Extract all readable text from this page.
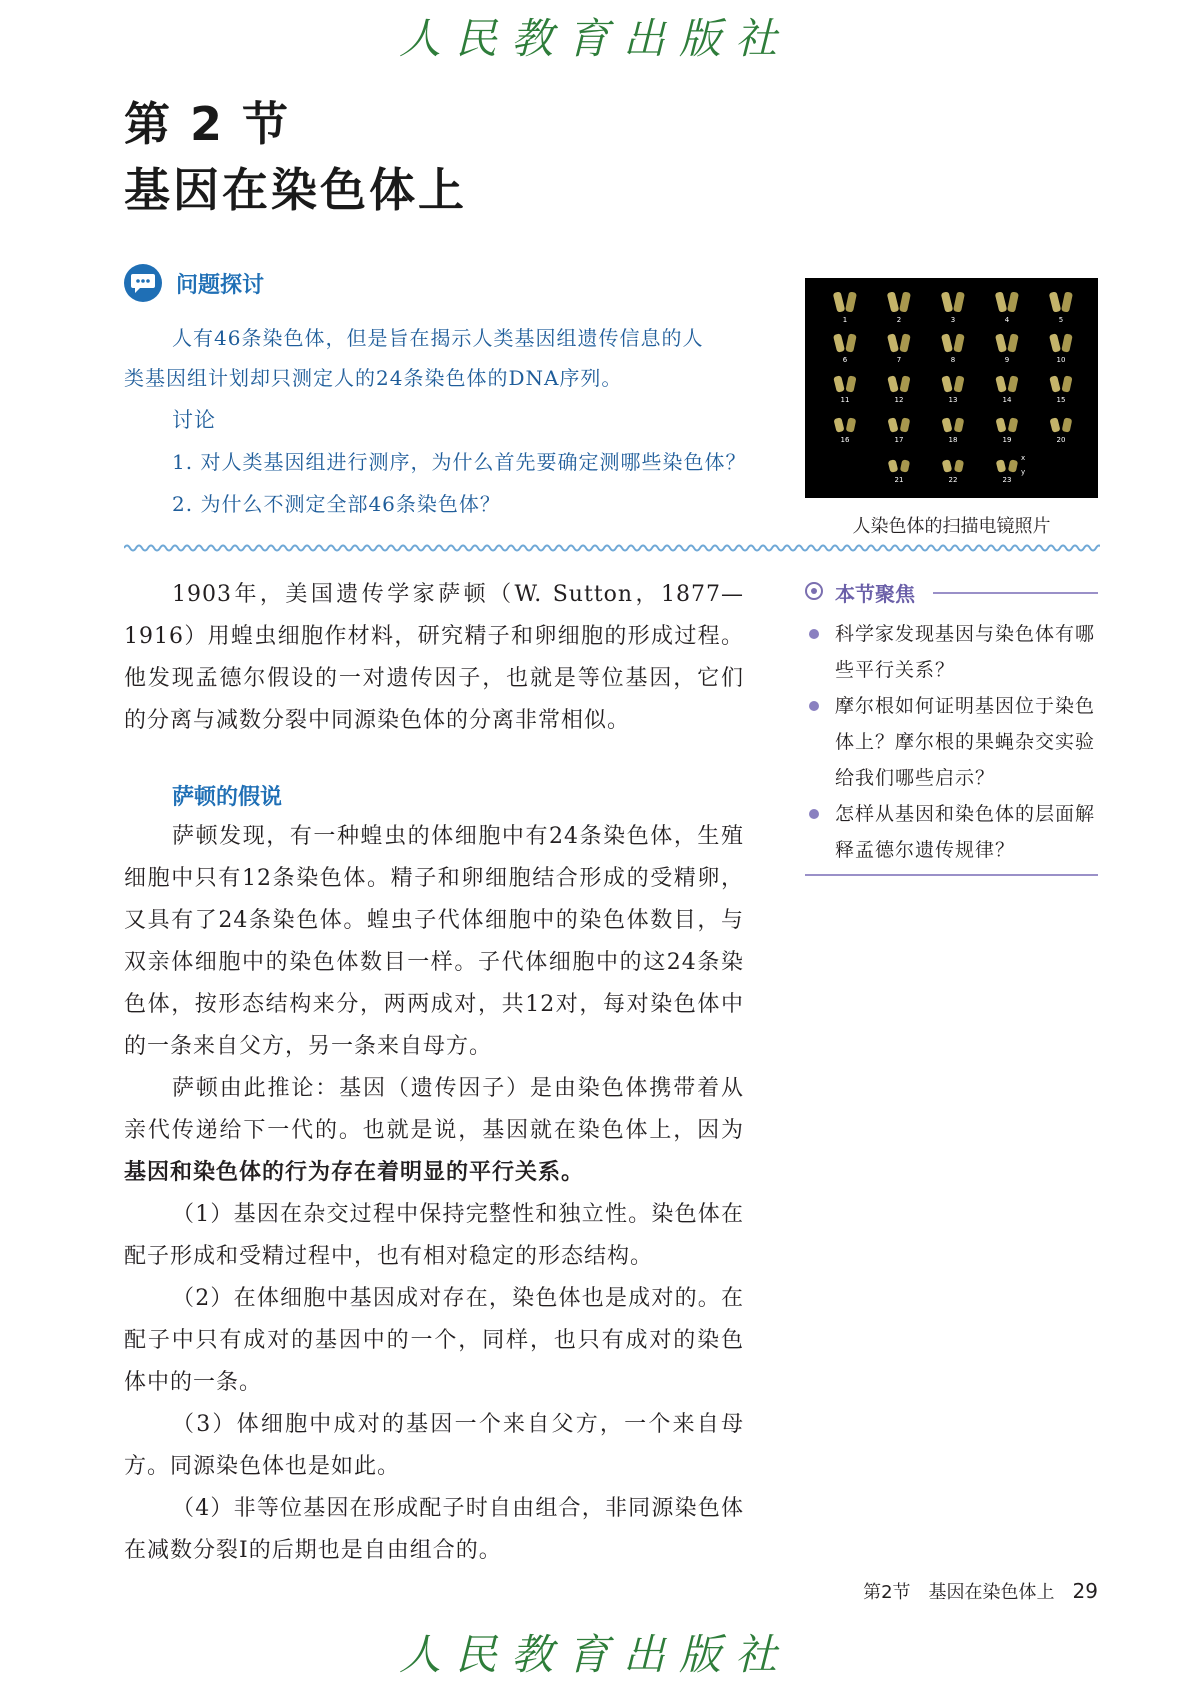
人民教育出版社
第 2 节
基因在染色体上
问题探讨
人有46条染色体，但是旨在揭示人类基因组遗传信息的人
类基因组计划却只测定人的24条染色体的DNA序列。
讨论
1. 对人类基因组进行测序，为什么首先要确定测哪些染色体？
2. 为什么不测定全部46条染色体？
1	2	3	4	5
6	7	8	9	10
11	12	13	14	15
16	17	18	19	20
21	22	23
x
y
人染色体的扫描电镜照片

1903年，美国遗传学家萨顿（W. Sutton，1877—1916）用蝗虫细胞作材料，研究精子和卵细胞的形成过程。他发现孟德尔假设的一对遗传因子，也就是等位基因，它们的分离与减数分裂中同源染色体的分离非常相似。

萨顿的假说

萨顿发现，有一种蝗虫的体细胞中有24条染色体，生殖细胞中只有12条染色体。精子和卵细胞结合形成的受精卵，又具有了24条染色体。蝗虫子代体细胞中的染色体数目，与双亲体细胞中的染色体数目一样。子代体细胞中的这24条染色体，按形态结构来分，两两成对，共12对，每对染色体中的一条来自父方，另一条来自母方。

萨顿由此推论：基因（遗传因子）是由染色体携带着从亲代传递给下一代的。也就是说，基因就在染色体上，因为基因和染色体的行为存在着明显的平行关系。

（1）基因在杂交过程中保持完整性和独立性。染色体在配子形成和受精过程中，也有相对稳定的形态结构。

（2）在体细胞中基因成对存在，染色体也是成对的。在配子中只有成对的基因中的一个，同样，也只有成对的染色体中的一条。

（3）体细胞中成对的基因一个来自父方，一个来自母方。同源染色体也是如此。

（4）非等位基因在形成配子时自由组合，非同源染色体在减数分裂Ⅰ的后期也是自由组合的。

本节聚焦
科学家发现基因与染色体有哪些平行关系？
摩尔根如何证明基因位于染色体上？摩尔根的果蝇杂交实验给我们哪些启示？
怎样从基因和染色体的层面解释孟德尔遗传规律？
第2节　基因在染色体上 29
人民教育出版社
